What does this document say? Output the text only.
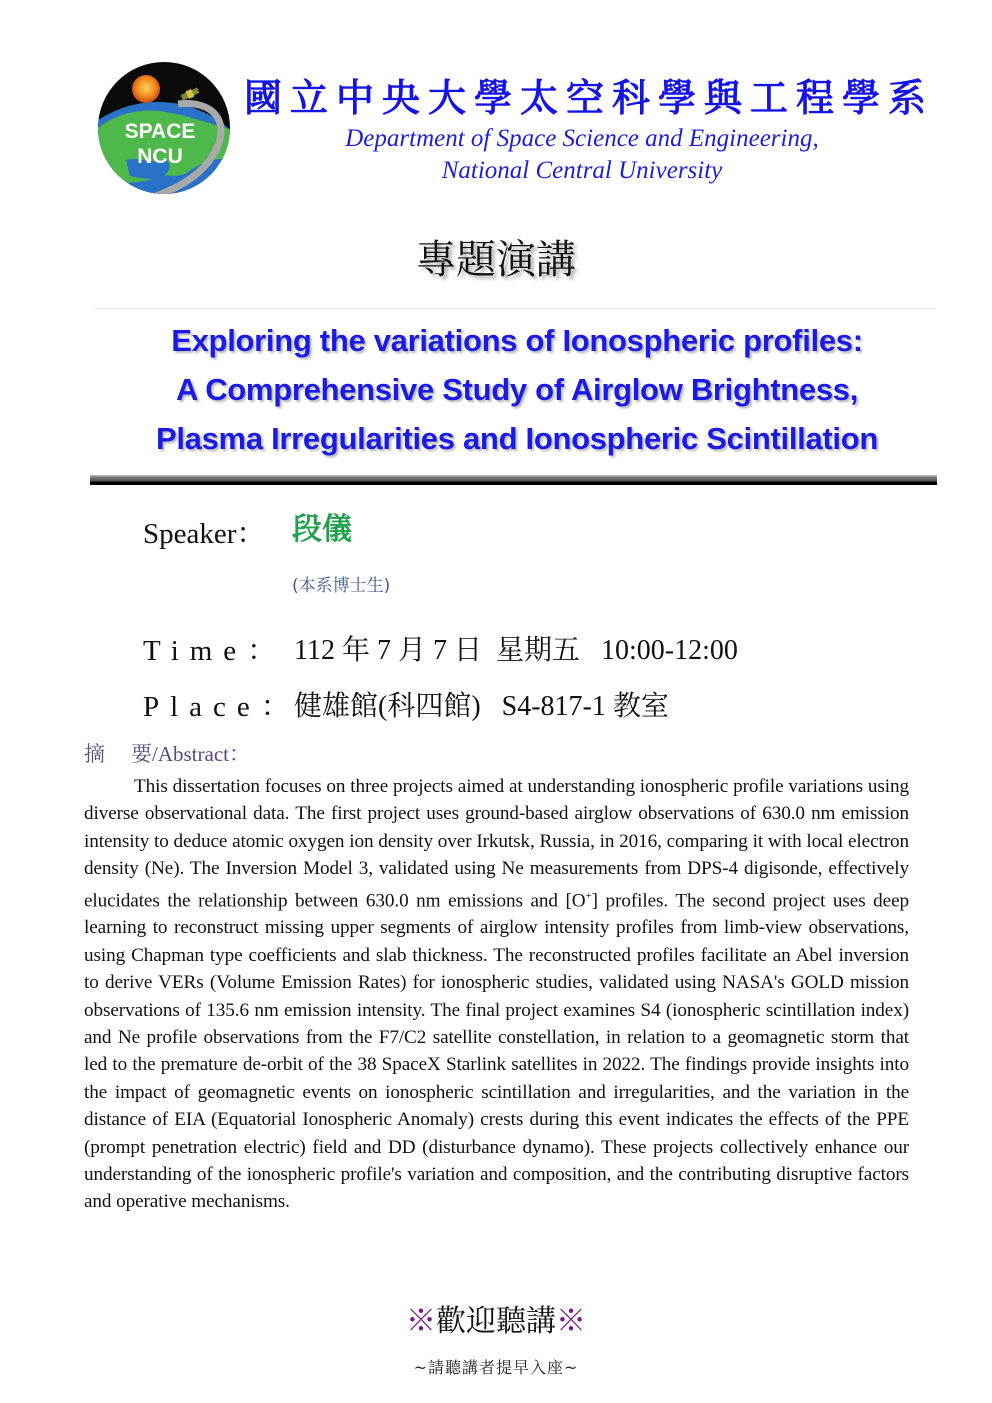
SPACE
NCU
國立中央大學太空科學與工程學系
Department of Space Science and Engineering,
National Central University
專題演講
Exploring the variations of Ionospheric profiles:
A Comprehensive Study of Airglow Brightness,
Plasma Irregularities and Ionospheric Scintillation
Speaker： 段儀
(本系博士生)
Time： 112 年 7 月 7 日  星期五   10:00-12:00
Place：
健雄館(科四館)   S4-817-1 教室
摘 要/Abstract：
This dissertation focuses on three projects aimed at understanding ionospheric profile variations using diverse observational data. The first project uses ground-based airglow observations of 630.0 nm emission intensity to deduce atomic oxygen ion density over Irkutsk, Russia, in 2016, comparing it with local electron density (Ne). The Inversion Model 3, validated using Ne measurements from DPS-4 digisonde, effectively elucidates the relationship between 630.0 nm emissions and [O+] profiles. The second project uses deep learning to reconstruct missing upper segments of airglow intensity profiles from limb-view observations, using Chapman type coefficients and slab thickness. The reconstructed profiles facilitate an Abel inversion to derive VERs (Volume Emission Rates) for ionospheric studies, validated using NASA's GOLD mission observations of 135.6 nm emission intensity. The final project examines S4 (ionospheric scintillation index) and Ne profile observations from the F7/C2 satellite constellation, in relation to a geomagnetic storm that led to the premature de-orbit of the 38 SpaceX Starlink satellites in 2022. The findings provide insights into the impact of geomagnetic events on ionospheric scintillation and irregularities, and the variation in the distance of EIA (Equatorial Ionospheric Anomaly) crests during this event indicates the effects of the PPE (prompt penetration electric) field and DD (disturbance dynamo). These projects collectively enhance our understanding of the ionospheric profile's variation and composition, and the contributing disruptive factors and operative mechanisms.
※歡迎聽講※
~請聽講者提早入座~
